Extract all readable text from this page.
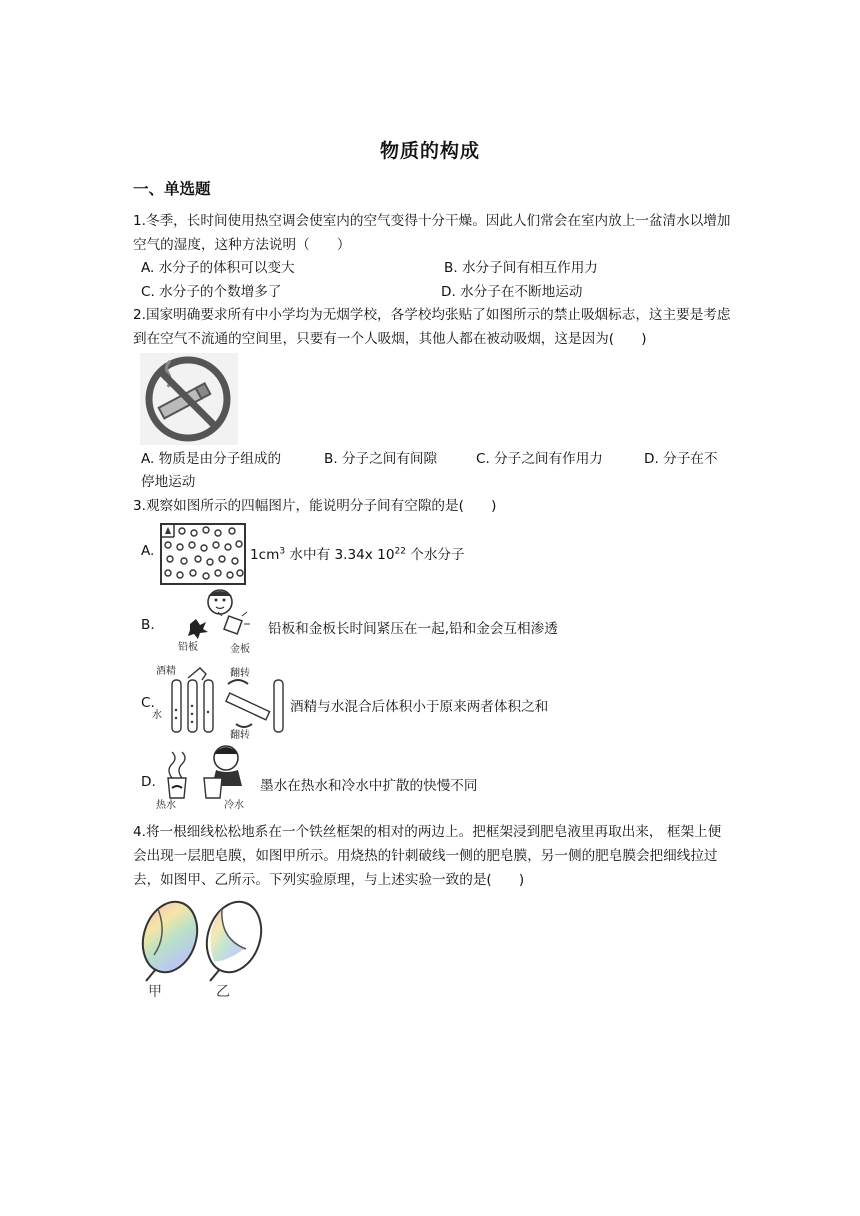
物质的构成
一、单选题
1.冬季，长时间使用热空调会使室内的空气变得十分干燥。因此人们常会在室内放上一盆清水以增加空气的湿度，这种方法说明（　　）
A. 水分子的体积可以变大	B. 水分子间有相互作用力
C. 水分子的个数增多了	D. 水分子在不断地运动
2.国家明确要求所有中小学均为无烟学校，各学校均张贴了如图所示的禁止吸烟标志，这主要是考虑到在空气不流通的空间里，只要有一个人吸烟，其他人都在被动吸烟，这是因为(　　)
A. 物质是由分子组成的	B. 分子之间有间隙	C. 分子之间有作用力	D. 分子在不
停地运动
3.观察如图所示的四幅图片，能说明分子间有空隙的是(　　)
A.	$1cm^3$ 水中有 3.34x $10^{22}$ 个水分子
B.
铅板	金板
铅板和金板长时间紧压在一起,铅和金会互相渗透
C.
酒精
水
翻转
翻转
酒精与水混合后体积小于原来两者体积之和
D.
热水	冷水
墨水在热水和冷水中扩散的快慢不同
4.将一根细线松松地系在一个铁丝框架的相对的两边上。把框架浸到肥皂液里再取出来， 框架上便会出现一层肥皂膜，如图甲所示。用烧热的针刺破线一侧的肥皂膜，另一侧的肥皂膜会把细线拉过去，如图甲、乙所示。下列实验原理，与上述实验一致的是(　　)
甲	乙
